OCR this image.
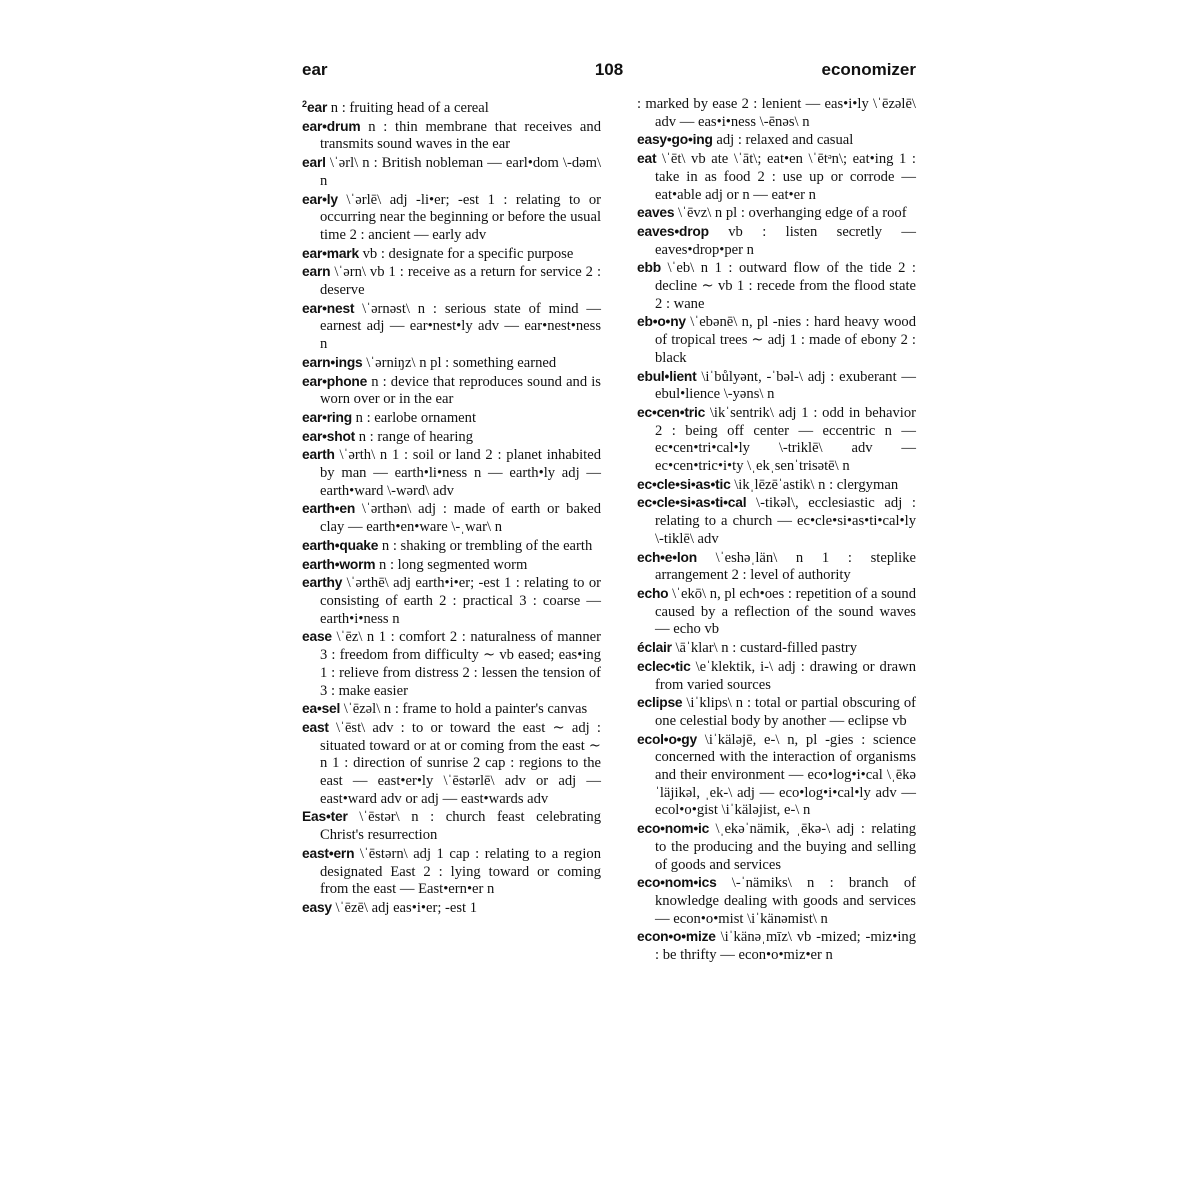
ear	108	economizer

$^2$ear n : fruiting head of a cereal

ear•drum n : thin membrane that receives and transmits sound waves in the ear

earl \ˈərl\ n : British nobleman — earl•dom \-dəm\ n

ear•ly \ˈərlē\ adj -li•er; -est 1 : relating to or occurring near the beginning or before the usual time 2 : ancient — early adv

ear•mark vb : designate for a specific purpose

earn \ˈərn\ vb 1 : receive as a return for service 2 : deserve

ear•nest \ˈərnəst\ n : serious state of mind — earnest adj — ear•nest•ly adv — ear•nest•ness n

earn•ings \ˈərniŋz\ n pl : something earned

ear•phone n : device that reproduces sound and is worn over or in the ear

ear•ring n : earlobe ornament

ear•shot n : range of hearing

earth \ˈərth\ n 1 : soil or land 2 : planet inhabited by man — earth•li•ness n — earth•ly adj — earth•ward \-wərd\ adv

earth•en \ˈərthən\ adj : made of earth or baked clay — earth•en•ware \-ˌwar\ n

earth•quake n : shaking or trembling of the earth

earth•worm n : long segmented worm

earthy \ˈərthē\ adj earth•i•er; -est 1 : relating to or consisting of earth 2 : practical 3 : coarse — earth•i•ness n

ease \ˈēz\ n 1 : comfort 2 : naturalness of manner 3 : freedom from difficulty ∼ vb eased; eas•ing 1 : relieve from distress 2 : lessen the tension of 3 : make easier

ea•sel \ˈēzəl\ n : frame to hold a painter's canvas

east \ˈēst\ adv : to or toward the east ∼ adj : situated toward or at or coming from the east ∼ n 1 : direction of sunrise 2 cap : regions to the east — east•er•ly \ˈēstərlē\ adv or adj — east•ward adv or adj — east•wards adv

Eas•ter \ˈēstər\ n : church feast celebrating Christ's resurrection

east•ern \ˈēstərn\ adj 1 cap : relating to a region designated East 2 : lying toward or coming from the east — East•ern•er n

easy \ˈēzē\ adj eas•i•er; -est 1

: marked by ease 2 : lenient — eas•i•ly \ˈēzəlē\ adv — eas•i•ness \-ēnəs\ n

easy•go•ing adj : relaxed and casual

eat \ˈēt\ vb ate \ˈāt\; eat•en \ˈētᵊn\; eat•ing 1 : take in as food 2 : use up or corrode — eat•able adj or n — eat•er n

eaves \ˈēvz\ n pl : overhanging edge of a roof

eaves•drop vb : listen secretly — eaves•drop•per n

ebb \ˈeb\ n 1 : outward flow of the tide 2 : decline ∼ vb 1 : recede from the flood state 2 : wane

eb•o•ny \ˈebənē\ n, pl -nies : hard heavy wood of tropical trees ∼ adj 1 : made of ebony 2 : black

ebul•lient \iˈbůlyənt, -ˈbəl-\ adj : exuberant — ebul•lience \-yəns\ n

ec•cen•tric \ikˈsentrik\ adj 1 : odd in behavior 2 : being off center — eccentric n — ec•cen•tri•cal•ly \-triklē\ adv — ec•cen•tric•i•ty \ˌekˌsenˈtrisətē\ n

ec•cle•si•as•tic \ikˌlēzēˈastik\ n : clergyman

ec•cle•si•as•ti•cal \-tikəl\, ecclesiastic adj : relating to a church — ec•cle•si•as•ti•cal•ly \-tiklē\ adv

ech•e•lon \ˈeshəˌlän\ n 1 : steplike arrangement 2 : level of authority

echo \ˈekō\ n, pl ech•oes : repetition of a sound caused by a reflection of the sound waves — echo vb

éclair \āˈklar\ n : custard-filled pastry

eclec•tic \eˈklektik, i-\ adj : drawing or drawn from varied sources

eclipse \iˈklips\ n : total or partial obscuring of one celestial body by another — eclipse vb

ecol•o•gy \iˈkäləjē, e-\ n, pl -gies : science concerned with the interaction of organisms and their environment — eco•log•i•cal \ˌēkəˈläjikəl, ˌek-\ adj — eco•log•i•cal•ly adv — ecol•o•gist \iˈkäləjist, e-\ n

eco•nom•ic \ˌekəˈnämik, ˌēkə-\ adj : relating to the producing and the buying and selling of goods and services

eco•nom•ics \-ˈnämiks\ n : branch of knowledge dealing with goods and services — econ•o•mist \iˈkänəmist\ n

econ•o•mize \iˈkänəˌmīz\ vb -mized; -miz•ing : be thrifty — econ•o•miz•er n
